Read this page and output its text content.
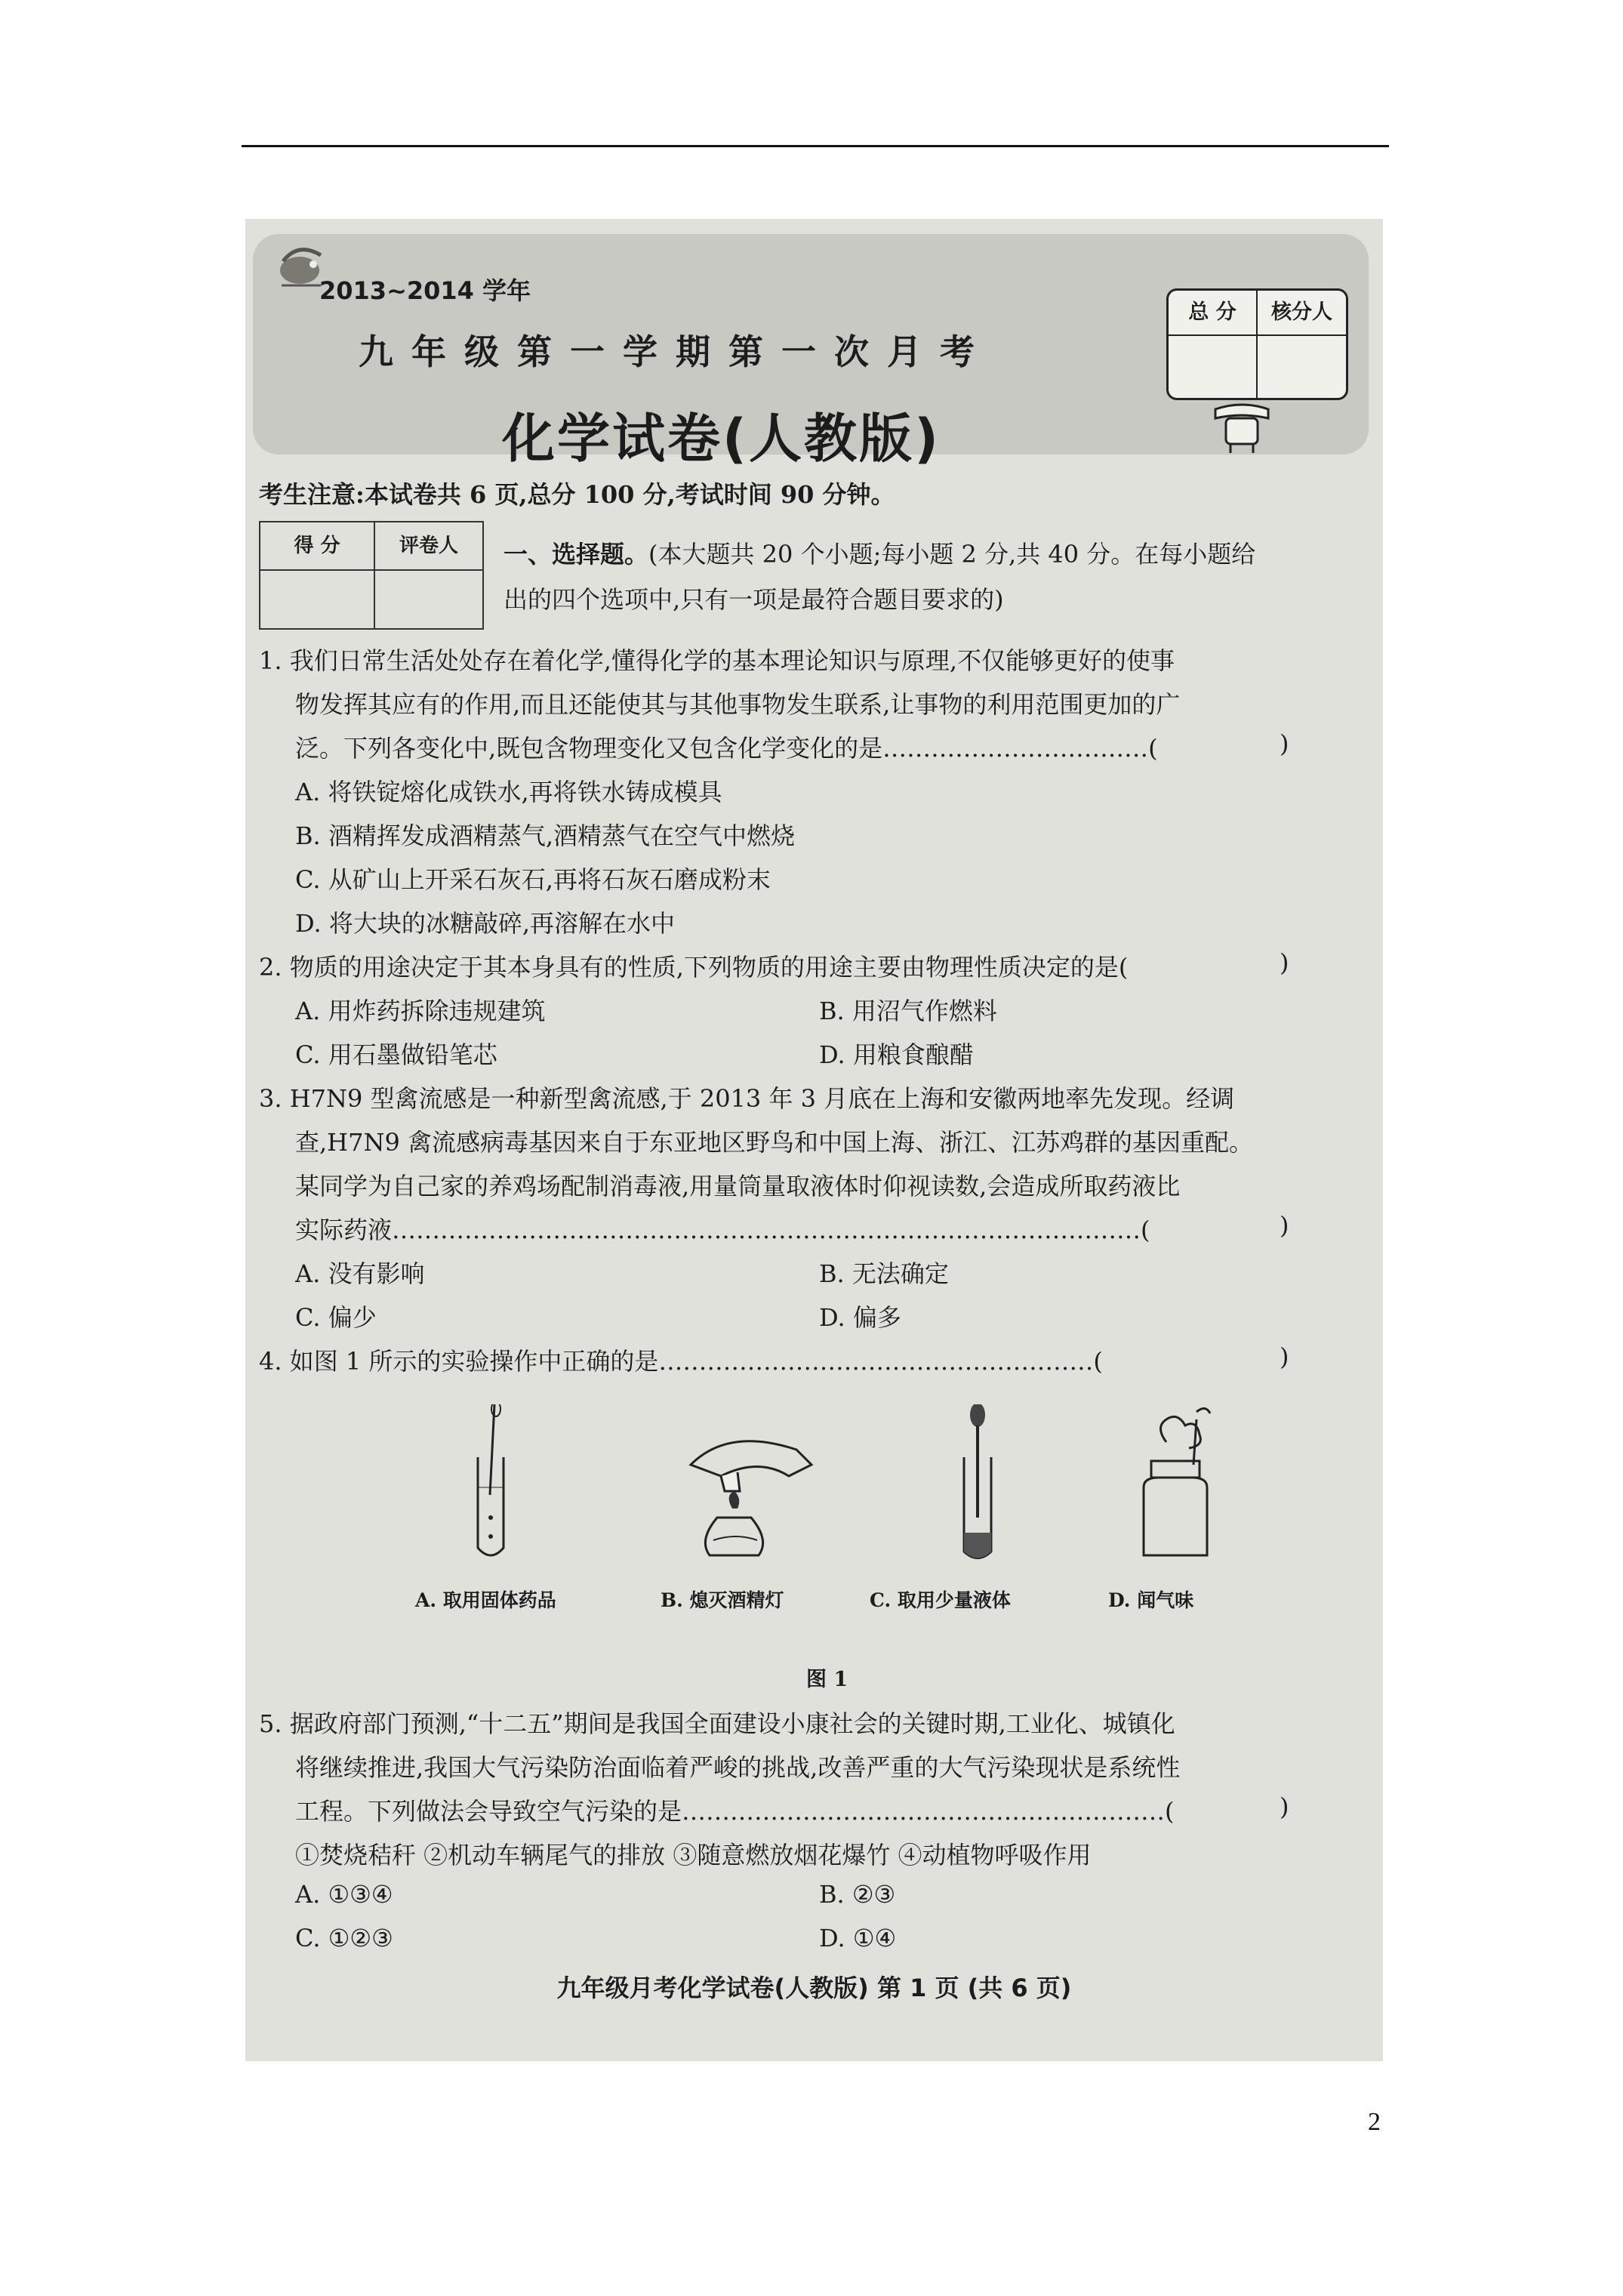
2013~2014 学年
九年级第一学期第一次月考
化学试卷(人教版)
总 分	核分人
考生注意:本试卷共 6 页,总分 100 分,考试时间 90 分钟。
得 分	评卷人	一、选择题。(本大题共 20 个小题;每小题 2 分,共 40 分。在每小题给
出的四个选项中,只有一项是最符合题目要求的)
1. 我们日常生活处处存在着化学,懂得化学的基本理论知识与原理,不仅能够更好的使事
物发挥其应有的作用,而且还能使其与其他事物发生联系,让事物的利用范围更加的广
泛。下列各变化中,既包含物理变化又包含化学变化的是……………………………(	)
A. 将铁锭熔化成铁水,再将铁水铸成模具
B. 酒精挥发成酒精蒸气,酒精蒸气在空气中燃烧
C. 从矿山上开采石灰石,再将石灰石磨成粉末
D. 将大块的冰糖敲碎,再溶解在水中
2. 物质的用途决定于其本身具有的性质,下列物质的用途主要由物理性质决定的是(	)
A. 用炸药拆除违规建筑	B. 用沼气作燃料
C. 用石墨做铅笔芯	D. 用粮食酿醋
3. H7N9 型禽流感是一种新型禽流感,于 2013 年 3 月底在上海和安徽两地率先发现。经调
查,H7N9 禽流感病毒基因来自于东亚地区野鸟和中国上海、浙江、江苏鸡群的基因重配。
某同学为自己家的养鸡场配制消毒液,用量筒量取液体时仰视读数,会造成所取药液比
实际药液…………………………………………………………………………………(	)
A. 没有影响	B. 无法确定
C. 偏少	D. 偏多
4. 如图 1 所示的实验操作中正确的是………………………………………………(	)
A. 取用固体药品	B. 熄灭酒精灯	C. 取用少量液体	D. 闻气味
图 1
5. 据政府部门预测,“十二五”期间是我国全面建设小康社会的关键时期,工业化、城镇化
将继续推进,我国大气污染防治面临着严峻的挑战,改善严重的大气污染现状是系统性
工程。下列做法会导致空气污染的是……………………………………………………(	)
①焚烧秸秆 ②机动车辆尾气的排放 ③随意燃放烟花爆竹 ④动植物呼吸作用
A. ①③④	B. ②③
C. ①②③	D. ①④
九年级月考化学试卷(人教版) 第 1 页 (共 6 页)
2
